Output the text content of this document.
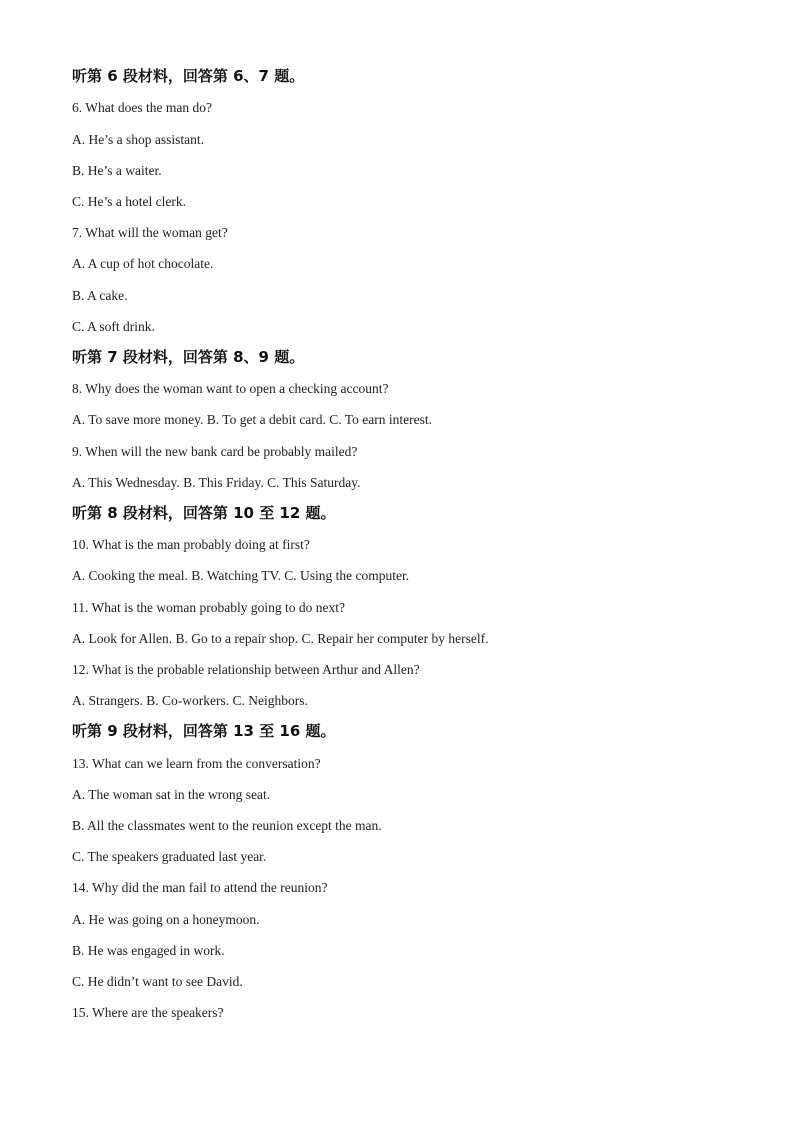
听第 6 段材料，回答第 6、7 题。
6. What does the man do?
A. He’s a shop assistant.
B. He’s a waiter.
C. He’s a hotel clerk.
7. What will the woman get?
A. A cup of hot chocolate.
B. A cake.
C. A soft drink.
听第 7 段材料，回答第 8、9 题。
8. Why does the woman want to open a checking account?
A. To save more money. B. To get a debit card. C. To earn interest.
9. When will the new bank card be probably mailed?
A. This Wednesday. B. This Friday. C. This Saturday.
听第 8 段材料，回答第 10 至 12 题。
10. What is the man probably doing at first?
A. Cooking the meal. B. Watching TV. C. Using the computer.
11. What is the woman probably going to do next?
A. Look for Allen. B. Go to a repair shop. C. Repair her computer by herself.
12. What is the probable relationship between Arthur and Allen?
A. Strangers. B. Co-workers. C. Neighbors.
听第 9 段材料，回答第 13 至 16 题。
13. What can we learn from the conversation?
A. The woman sat in the wrong seat.
B. All the classmates went to the reunion except the man.
C. The speakers graduated last year.
14. Why did the man fail to attend the reunion?
A. He was going on a honeymoon.
B. He was engaged in work.
C. He didn’t want to see David.
15. Where are the speakers?
